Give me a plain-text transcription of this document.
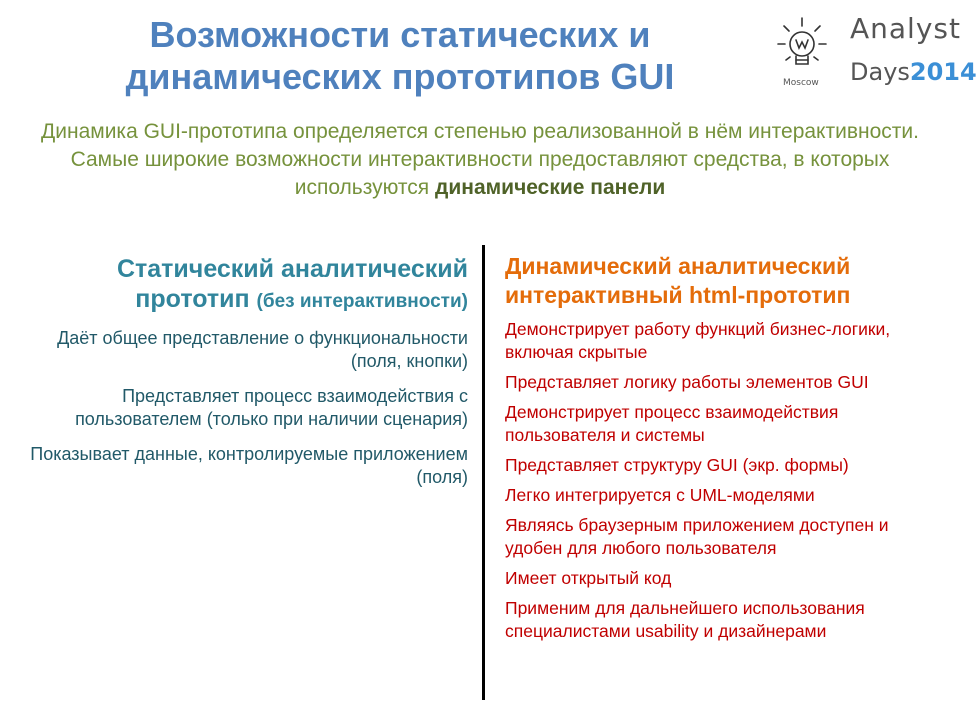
Возможности статических и
динамических прототипов GUI
Analyst
Days2014
Moscow
Динамика GUI-прототипа определяется степенью реализованной в нём интерактивности. Самые широкие возможности интерактивности предоставляют средства, в которых используются динамические панели

Статический аналитический прототип (без интерактивности)

Даёт общее представление о функциональности (поля, кнопки)

Представляет процесс взаимодействия с пользователем (только при наличии сценария)

Показывает данные, контролируемые приложением (поля)

Динамический аналитический интерактивный html-прототип

Демонстрирует работу функций бизнес-логики, включая скрытые

Представляет логику работы элементов GUI

Демонстрирует процесс взаимодействия пользователя и системы

Представляет структуру GUI (экр. формы)

Легко интегрируется с UML-моделями

Являясь браузерным приложением доступен и удобен для любого пользователя

Имеет открытый код

Применим для дальнейшего использования специалистами usability и дизайнерами
